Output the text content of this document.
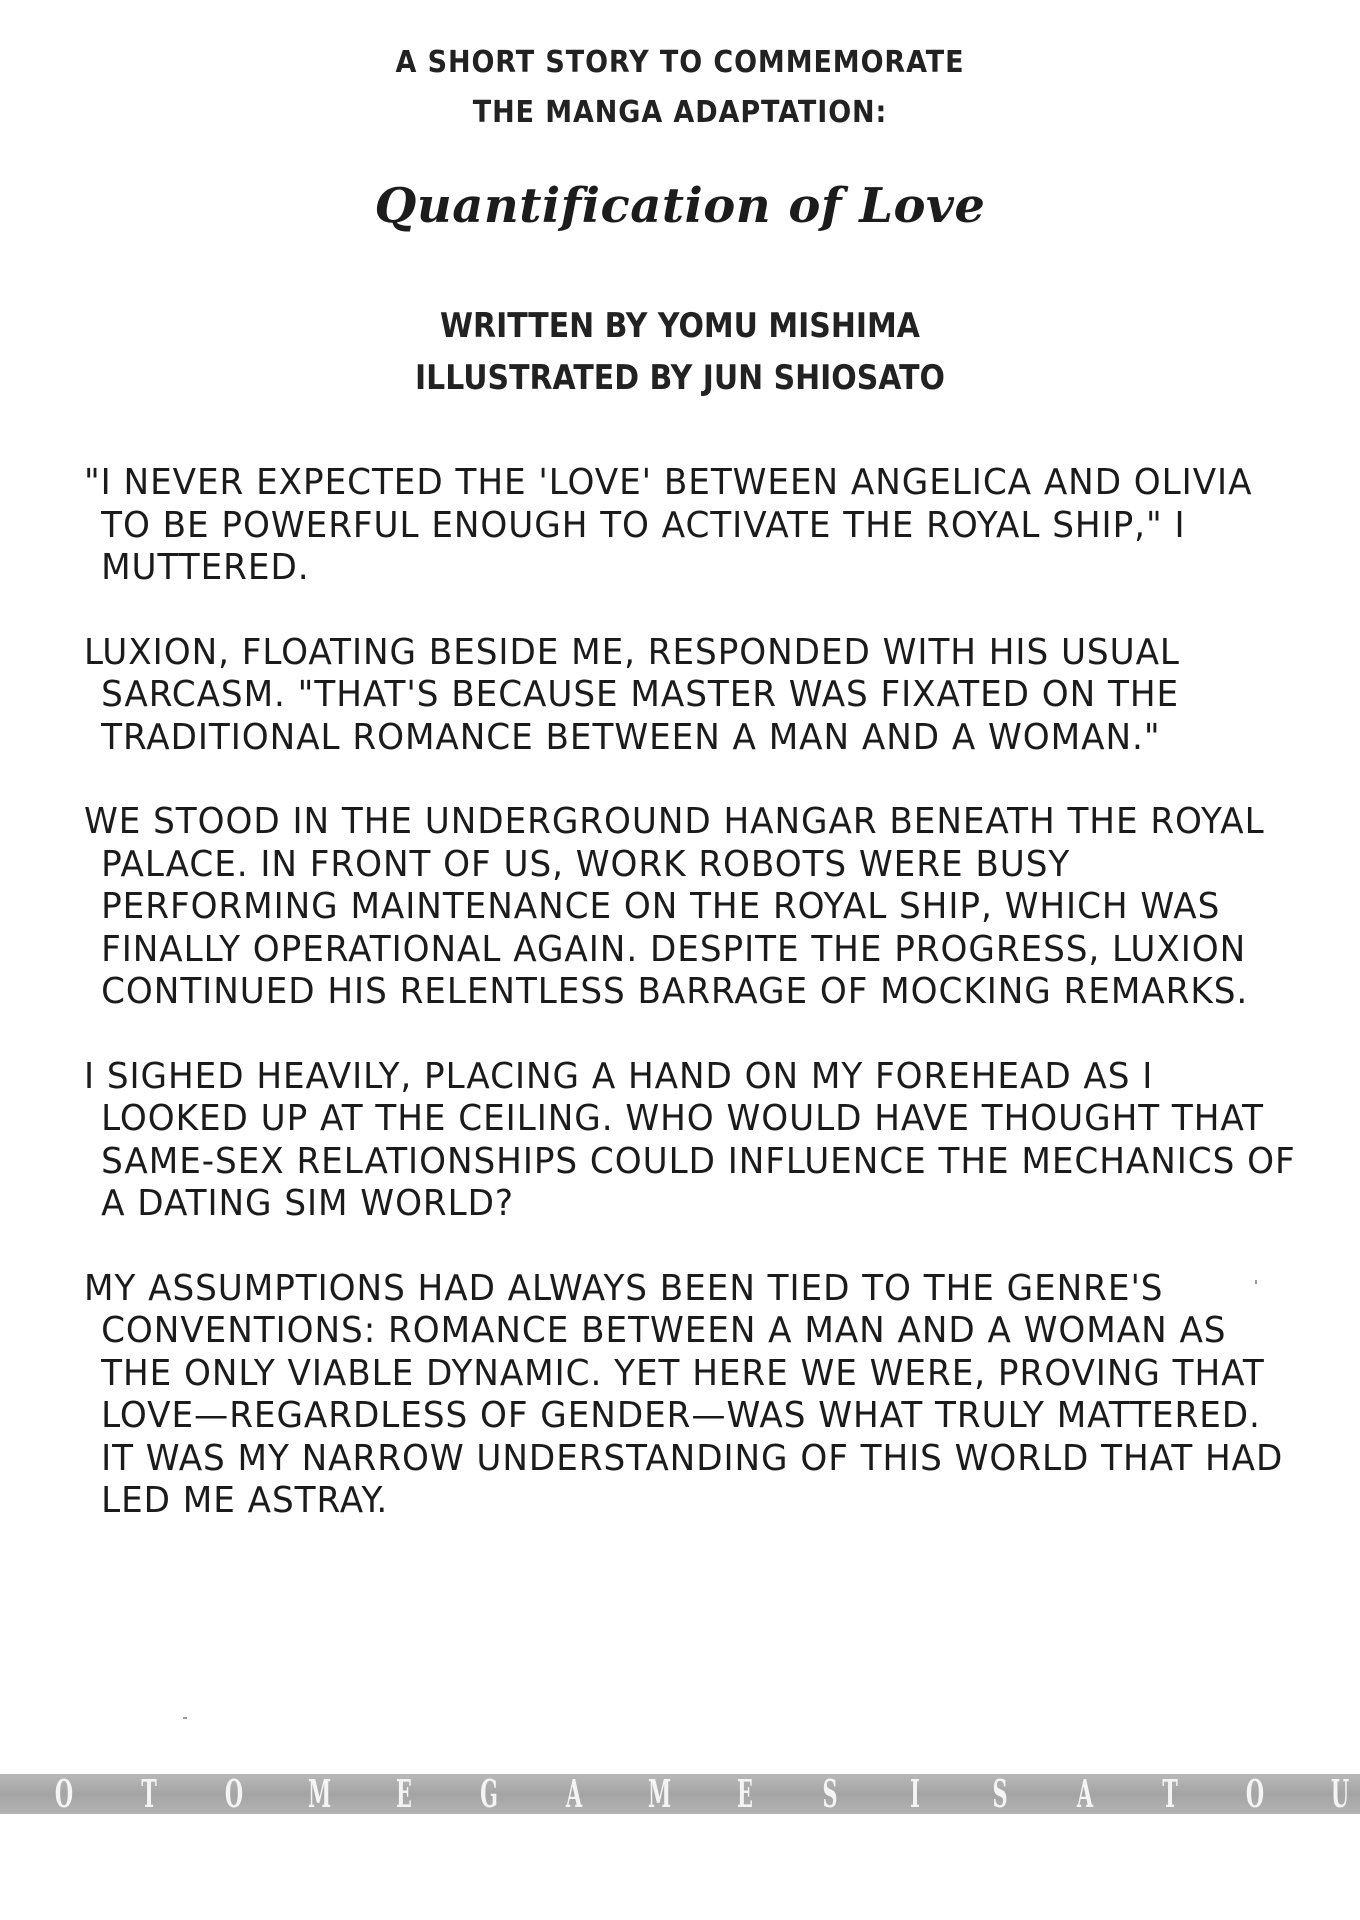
A SHORT STORY TO COMMEMORATE
THE MANGA ADAPTATION:
Quantification of Love
WRITTEN BY YOMU MISHIMA
ILLUSTRATED BY JUN SHIOSATO

"I NEVER EXPECTED THE 'LOVE' BETWEEN ANGELICA AND OLIVIA TO BE POWERFUL ENOUGH TO ACTIVATE THE ROYAL SHIP," I MUTTERED.

LUXION, FLOATING BESIDE ME, RESPONDED WITH HIS USUAL SARCASM. "THAT'S BECAUSE MASTER WAS FIXATED ON THE TRADITIONAL ROMANCE BETWEEN A MAN AND A WOMAN."

WE STOOD IN THE UNDERGROUND HANGAR BENEATH THE ROYAL PALACE. IN FRONT OF US, WORK ROBOTS WERE BUSY PERFORMING MAINTENANCE ON THE ROYAL SHIP, WHICH WAS FINALLY OPERATIONAL AGAIN. DESPITE THE PROGRESS, LUXION CONTINUED HIS RELENTLESS BARRAGE OF MOCKING REMARKS.

I SIGHED HEAVILY, PLACING A HAND ON MY FOREHEAD AS I LOOKED UP AT THE CEILING. WHO WOULD HAVE THOUGHT THAT SAME-SEX RELATIONSHIPS COULD INFLUENCE THE MECHANICS OF A DATING SIM WORLD?

MY ASSUMPTIONS HAD ALWAYS BEEN TIED TO THE GENRE'S CONVENTIONS: ROMANCE BETWEEN A MAN AND A WOMAN AS THE ONLY VIABLE DYNAMIC. YET HERE WE WERE, PROVING THAT LOVE—REGARDLESS OF GENDER—WAS WHAT TRULY MATTERED. IT WAS MY NARROW UNDERSTANDING OF THIS WORLD THAT HAD LED ME ASTRAY.

O T O M E G A M E S I S A T O U
